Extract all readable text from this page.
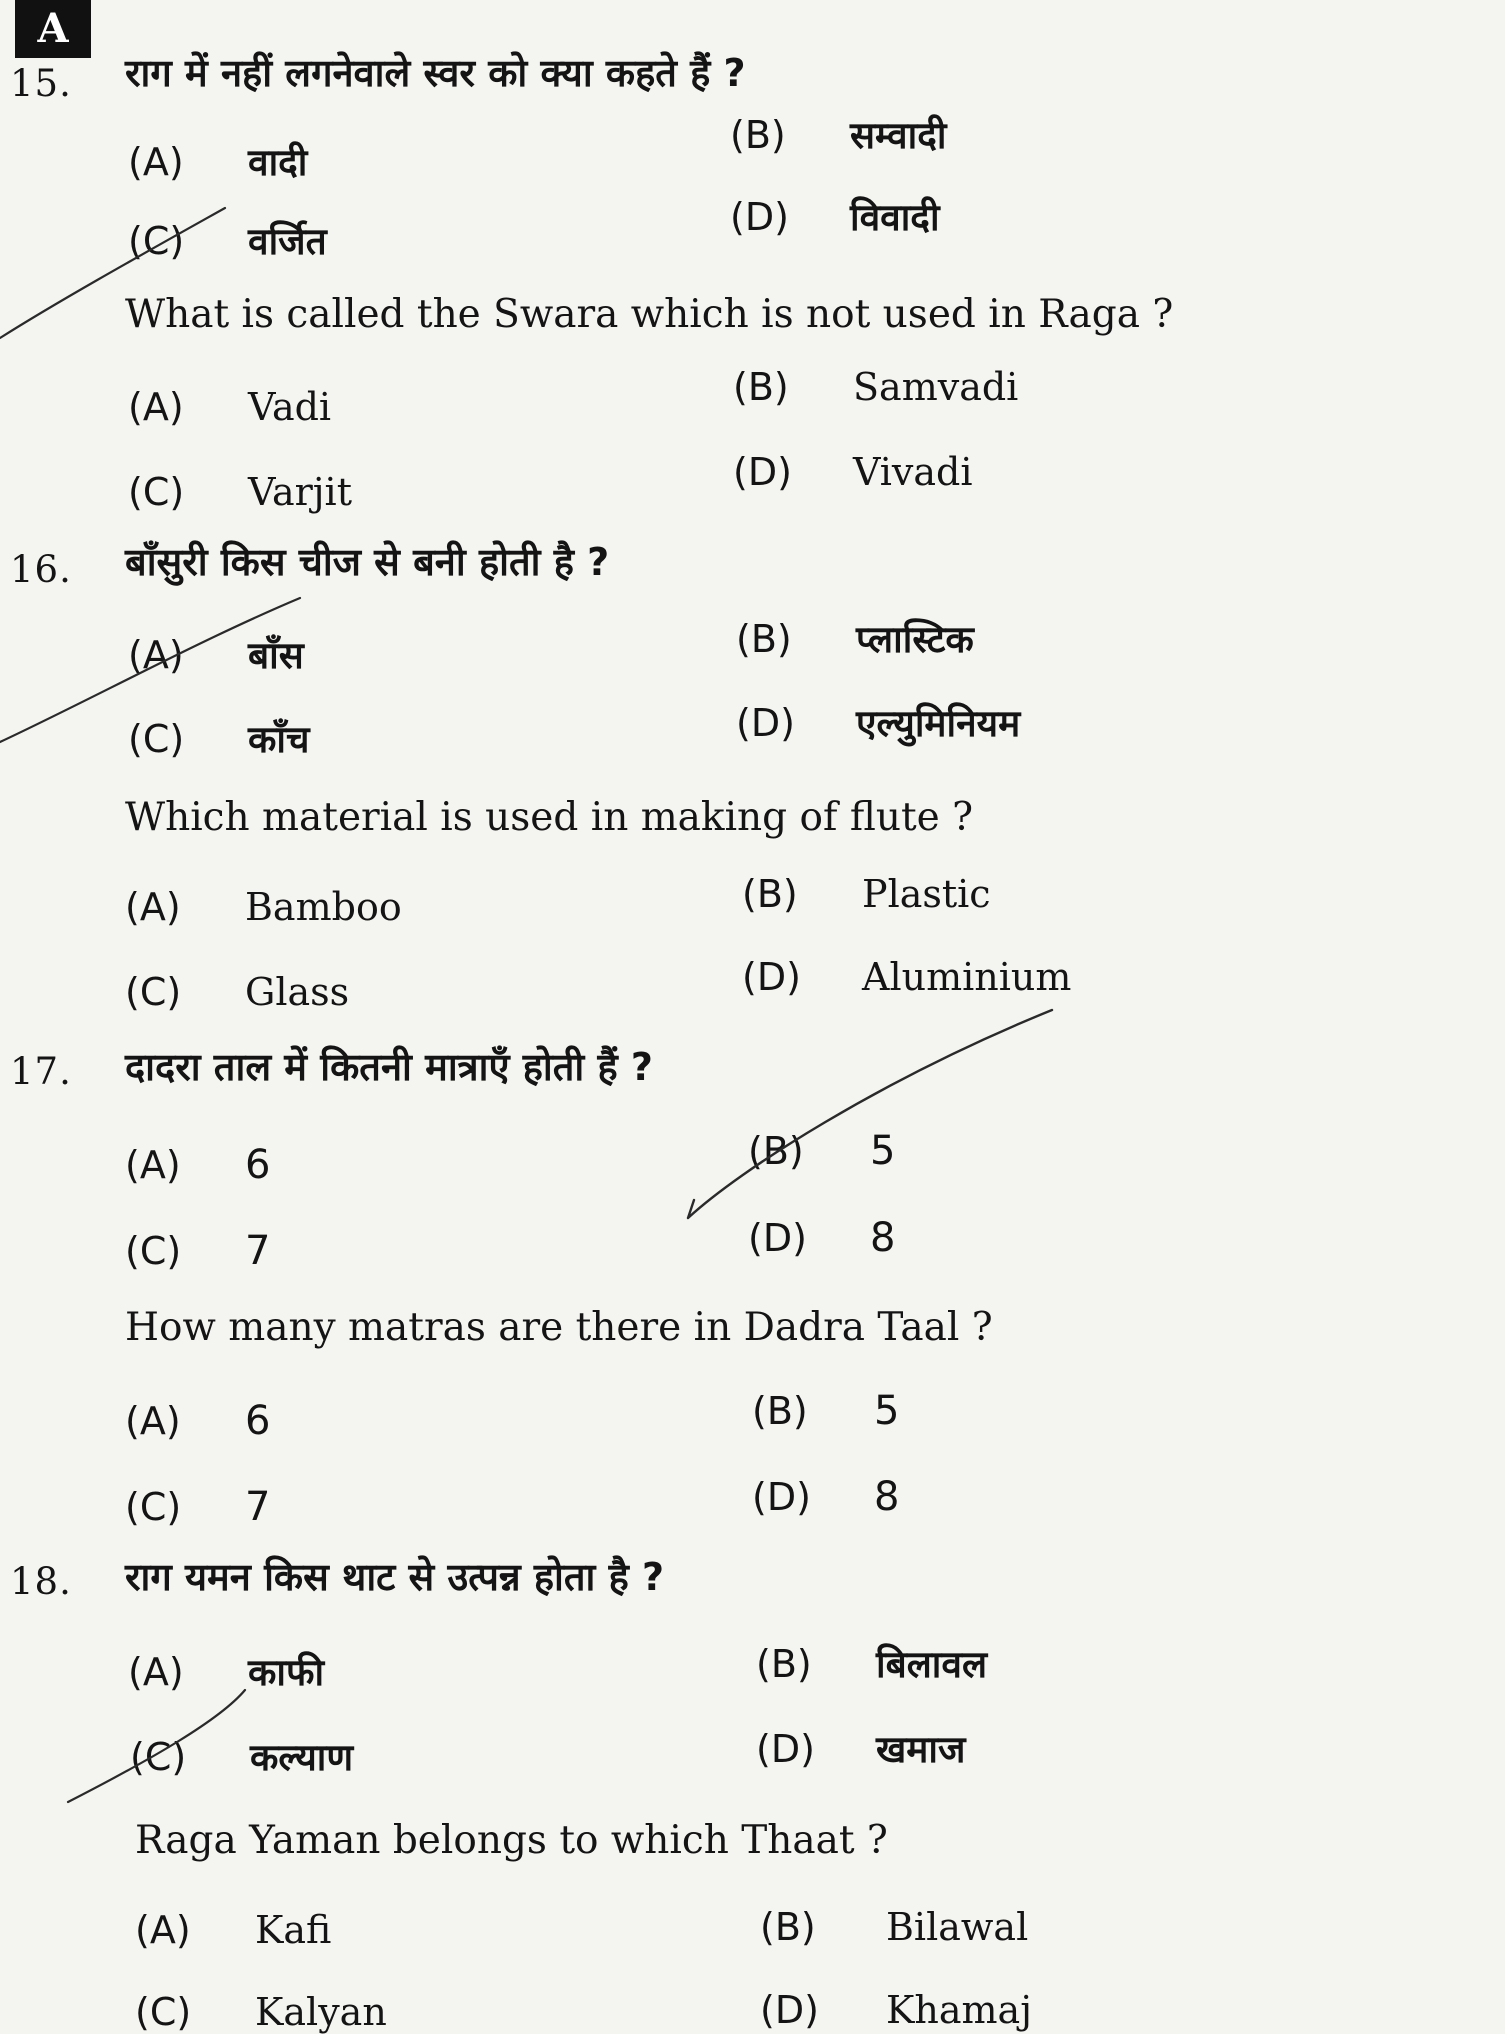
A
15. राग में नहीं लगनेवाले स्वर को क्या कहते हैं ?
(A) वादी
(B) सम्वादी
(C) वर्जित
(D) विवादी
What is called the Swara which is not used in Raga ?
(A) Vadi	(B) Samvadi
(C) Varjit	(D) Vivadi
16. बाँसुरी किस चीज से बनी होती है ?
(A) बाँस	(B) प्लास्टिक
(C) काँच	(D) एल्युमिनियम
Which material is used in making of flute ?
(A) Bamboo	(B) Plastic
(C) Glass	(D) Aluminium
17. दादरा ताल में कितनी मात्राएँ होती हैं ?
(A) 6	(B) 5
(C) 7	(D) 8
How many matras are there in Dadra Taal ?
(A) 6	(B) 5
(C) 7	(D) 8
18. राग यमन किस थाट से उत्पन्न होता है ?
(A) काफी	(B) बिलावल
(C) कल्याण	(D) खमाज
Raga Yaman belongs to which Thaat ?
(A) Kafi	(B) Bilawal
(C) Kalyan	(D) Khamaj
